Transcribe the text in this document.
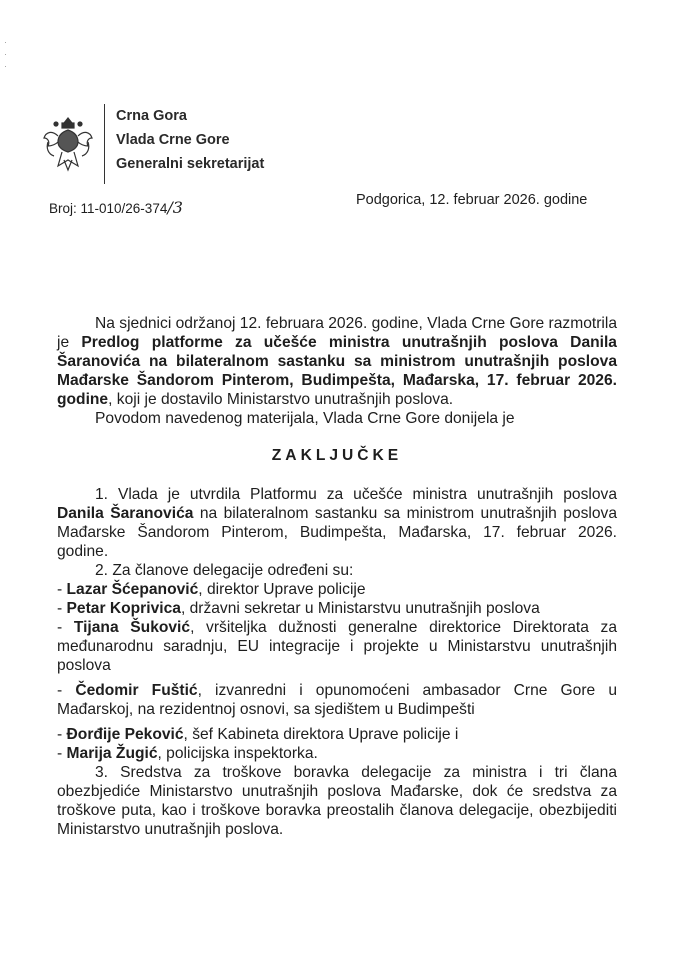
·
·
·
Crna Gora
Vlada Crne Gore
Generalni sekretarijat
Broj: 11-010/26-374/3	Podgorica, 12. februar 2026. godine

Na sjednici održanoj 12. februara 2026. godine, Vlada Crne Gore razmotrila je Predlog platforme za učešće ministra unutrašnjih poslova Danila Šaranovića na bilateralnom sastanku sa ministrom unutrašnjih poslova Mađarske Šandorom Pinterom, Budimpešta, Mađarska, 17. februar 2026. godine, koji je dostavilo Ministarstvo unutrašnjih poslova.

Povodom navedenog materijala, Vlada Crne Gore donijela je

ZAKLJUČKE

1. Vlada je utvrdila Platformu za učešće ministra unutrašnjih poslova Danila Šaranovića na bilateralnom sastanku sa ministrom unutrašnjih poslova Mađarske Šandorom Pinterom, Budimpešta, Mađarska, 17. februar 2026. godine.

2. Za članove delegacije određeni su:

- Lazar Šćepanović, direktor Uprave policije

- Petar Koprivica, državni sekretar u Ministarstvu unutrašnjih poslova

- Tijana Šuković, vršiteljka dužnosti generalne direktorice Direktorata za međunarodnu saradnju, EU integracije i projekte u Ministarstvu unutrašnjih poslova

- Čedomir Fuštić, izvanredni i opunomoćeni ambasador Crne Gore u Mađarskoj, na rezidentnoj osnovi, sa sjedištem u Budimpešti

- Đorđije Peković, šef Kabineta direktora Uprave policije i

- Marija Žugić, policijska inspektorka.

3. Sredstva za troškove boravka delegacije za ministra i tri člana obezbjediće Ministarstvo unutrašnjih poslova Mađarske, dok će sredstva za troškove puta, kao i troškove boravka preostalih članova delegacije, obezbijediti Ministarstvo unutrašnjih poslova.
